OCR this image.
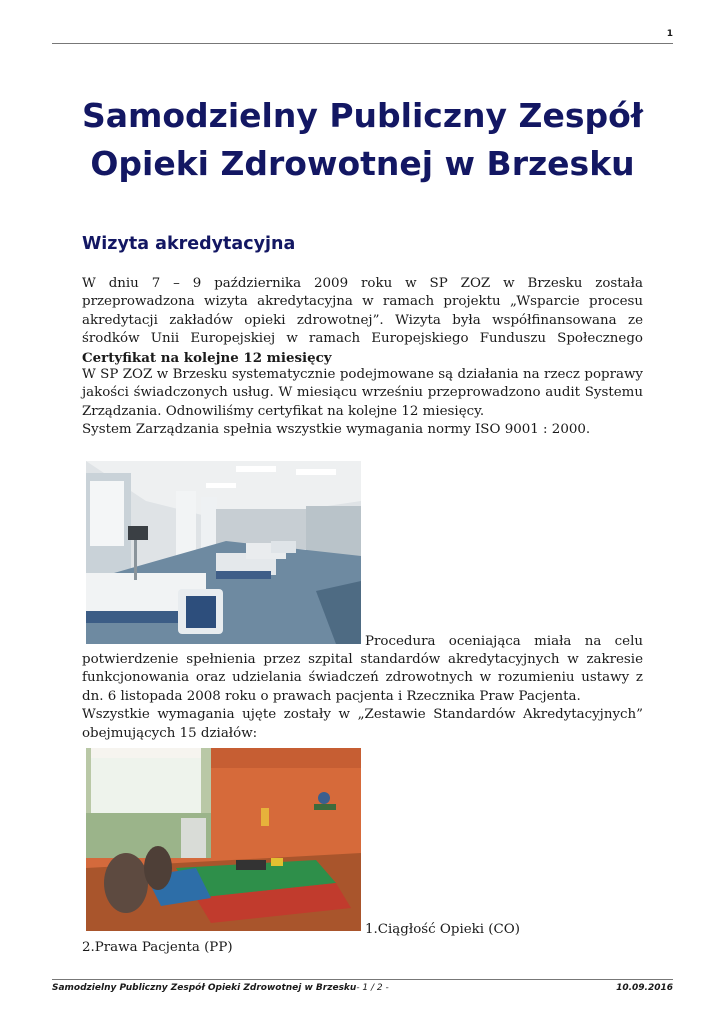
1
Samodzielny Publiczny Zespół
Opieki Zdrowotnej w Brzesku
Wizyta akredytacyjna

W dniu 7 – 9 października 2009 roku w SP ZOZ w Brzesku została przeprowadzona wizyta akredytacyjna w ramach projektu „Wsparcie procesu akredytacji zakładów opieki zdrowotnej”. Wizyta była współfinansowana ze środków Unii Europejskiej w ramach Europejskiego Funduszu Społecznego Certyfikat na kolejne 12 miesięcy

W SP ZOZ w Brzesku systematycznie podejmowane są działania na rzecz poprawy jakości świadczonych usług. W miesiącu wrześniu przeprowadzono audit Systemu Zrządzania. Odnowiliśmy certyfikat na kolejne 12 miesięcy.
System Zarządzania spełnia wszystkie wymagania normy ISO 9001 : 2000.

Procedura oceniająca miała na celu

potwierdzenie spełnienia przez szpital standardów akredytacyjnych w zakresie funkcjonowania oraz udzielania świadczeń zdrowotnych w rozumieniu ustawy z dn. 6 listopada 2008 roku o prawach pacjenta i Rzecznika Praw Pacjenta.
Wszystkie wymagania ujęte zostały w „Zestawie Standardów Akredytacyjnych” obejmujących 15 działów:

1.Ciągłość Opieki (CO)
2.Prawa Pacjenta (PP)
Samodzielny Publiczny Zespół Opieki Zdrowotnej w Brzesku- 1 / 2 -	10.09.2016
